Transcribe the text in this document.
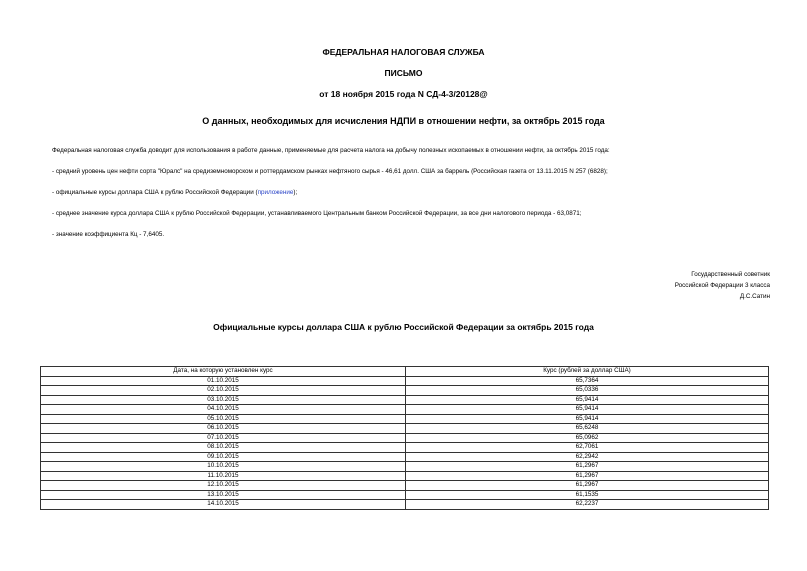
ФЕДЕРАЛЬНАЯ НАЛОГОВАЯ СЛУЖБА
ПИСЬМО
от 18 ноября 2015 года N СД-4-3/20128@
О данных, необходимых для исчисления НДПИ в отношении нефти, за октябрь 2015 года
Федеральная налоговая служба доводит для использования в работе данные, применяемые для расчета налога на добычу полезных ископаемых в отношении нефти, за октябрь 2015 года:
- средний уровень цен нефти сорта "Юралс" на средиземноморском и роттердамском рынках нефтяного сырья - 46,61 долл. США за баррель (Российская газета от 13.11.2015 N 257 (6828);
- официальные курсы доллара США к рублю Российской Федерации (приложение);
- среднее значение курса доллара США к рублю Российской Федерации, устанавливаемого Центральным банком Российской Федерации, за все дни налогового периода - 63,0871;
- значение коэффициента Кц - 7,6405.
Государственный советник
Российской Федерации 3 класса
Д.С.Сатин
Официальные курсы доллара США к рублю Российской Федерации за октябрь 2015 года
Дата, на которую установлен курс	Курс (рублей за доллар США)
01.10.2015	65,7364
02.10.2015	65,0336
03.10.2015	65,9414
04.10.2015	65,9414
05.10.2015	65,9414
06.10.2015	65,6248
07.10.2015	65,0962
08.10.2015	62,7061
09.10.2015	62,2942
10.10.2015	61,2967
11.10.2015	61,2967
12.10.2015	61,2967
13.10.2015	61,1535
14.10.2015	62,2237
